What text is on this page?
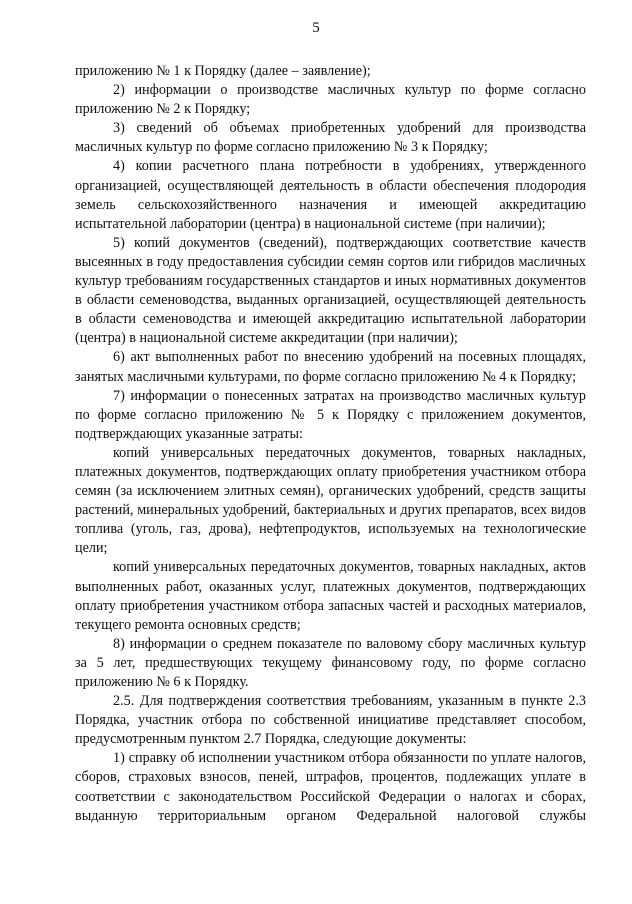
5

приложению № 1 к Порядку (далее – заявление);

2) информации о производстве масличных культур по форме согласно приложению № 2 к Порядку;

3) сведений об объемах приобретенных удобрений для производства масличных культур по форме согласно приложению № 3 к Порядку;

4) копии расчетного плана потребности в удобрениях, утвержденного организацией, осуществляющей деятельность в области обеспечения плодородия земель сельскохозяйственного назначения и имеющей аккредитацию испытательной лаборатории (центра) в национальной системе (при наличии);

5) копий документов (сведений), подтверждающих соответствие качеств высеянных в году предоставления субсидии семян сортов или гибридов масличных культур требованиям государственных стандартов и иных нормативных документов в области семеноводства, выданных организацией, осуществляющей деятельность в области семеноводства и имеющей аккредитацию испытательной лаборатории (центра) в национальной системе аккредитации (при наличии);

6) акт выполненных работ по внесению удобрений на посевных площадях, занятых масличными культурами, по форме согласно приложению № 4 к Порядку;

7) информации о понесенных затратах на производство масличных культур по форме согласно приложению № 5 к Порядку с приложением документов, подтверждающих указанные затраты:

копий универсальных передаточных документов, товарных накладных, платежных документов, подтверждающих оплату приобретения участником отбора семян (за исключением элитных семян), органических удобрений, средств защиты растений, минеральных удобрений, бактериальных и других препаратов, всех видов топлива (уголь, газ, дрова), нефтепродуктов, используемых на технологические цели;

копий универсальных передаточных документов, товарных накладных, актов выполненных работ, оказанных услуг, платежных документов, подтверждающих оплату приобретения участником отбора запасных частей и расходных материалов, текущего ремонта основных средств;

8) информации о среднем показателе по валовому сбору масличных культур за 5 лет, предшествующих текущему финансовому году, по форме согласно приложению № 6 к Порядку.

2.5. Для подтверждения соответствия требованиям, указанным в пункте 2.3 Порядка, участник отбора по собственной инициативе представляет способом, предусмотренным пунктом 2.7 Порядка, следующие документы:

1) справку об исполнении участником отбора обязанности по уплате налогов, сборов, страховых взносов, пеней, штрафов, процентов, подлежащих уплате в соответствии с законодательством Российской Федерации о налогах и сборах, выданную территориальным органом Федеральной налоговой службы
